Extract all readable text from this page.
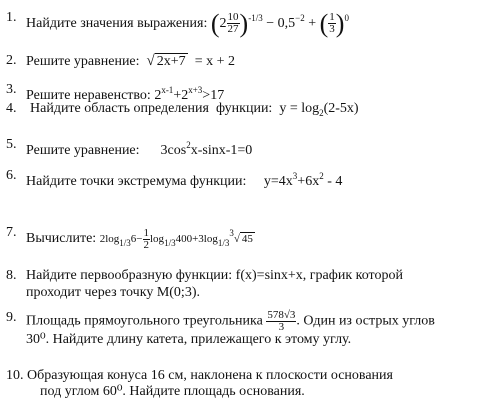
1. Найдите значения выражения: $(2 \frac{10}{27} )^{-1/3} - 0,5^{-2}$ + ( $\frac{1}{3} )^0$
2. Решите уравнение: √ 2x+7 = x + 2
3. Решите неравенство: $2^{x-1}+2^{x+3}>17$
4. Найдите область определения  функции:  $y = \log_2(2-5x)$
5. Решите уравнение: $3\cos^2x-\sin x-1=0$
6. Найдите точки экстремума функции: $y=4x^3+6x^2 - 4$
7. Вычислите: $2\log_{1/3}6- \frac{1}{2} \log_{1/3}400+3\log_{1/3}^3√$ 45
8. Найдите первообразную функции: f(x)=sinx+x, график которой
проходит через точку М(0;3).
9. Площадь прямоугольного треугольника $\frac{578√3}{3}$ . Один из острых углов
30⁰. Найдите длину катета, прилежащего к этому углу.
10. Образующая конуса 16 см, наклонена к плоскости основания
под углом 60⁰. Найдите площадь основания.
